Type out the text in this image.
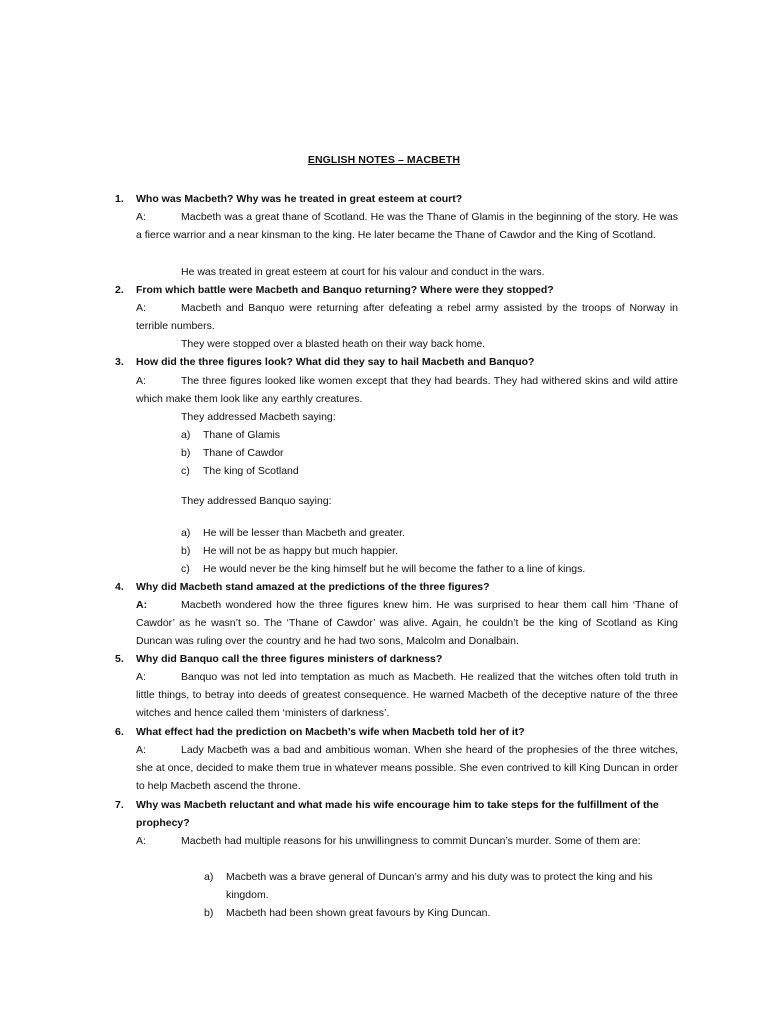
ENGLISH NOTES – MACBETH
1. Who was Macbeth? Why was he treated in great esteem at court?
A:	Macbeth was a great thane of Scotland. He was the Thane of Glamis in the beginning of the story. He was a fierce warrior and a near kinsman to the king. He later became the Thane of Cawdor and the King of Scotland.
He was treated in great esteem at court for his valour and conduct in the wars.
2. From which battle were Macbeth and Banquo returning? Where were they stopped?
A:	Macbeth and Banquo were returning after defeating a rebel army assisted by the troops of Norway in terrible numbers.
They were stopped over a blasted heath on their way back home.
3. How did the three figures look? What did they say to hail Macbeth and Banquo?
A:	The three figures looked like women except that they had beards. They had withered skins and wild attire which make them look like any earthly creatures.
They addressed Macbeth saying:
a) Thane of Glamis
b) Thane of Cawdor
c) The king of Scotland
They addressed Banquo saying:
a) He will be lesser than Macbeth and greater.
b) He will not be as happy but much happier.
c) He would never be the king himself but he will become the father to a line of kings.
4. Why did Macbeth stand amazed at the predictions of the three figures?
A:	Macbeth wondered how the three figures knew him. He was surprised to hear them call him ‘Thane of Cawdor’ as he wasn’t so. The ‘Thane of Cawdor’ was alive. Again, he couldn’t be the king of Scotland as King Duncan was ruling over the country and he had two sons, Malcolm and Donalbain.
5. Why did Banquo call the three figures ministers of darkness?
A:	Banquo was not led into temptation as much as Macbeth. He realized that the witches often told truth in little things, to betray into deeds of greatest consequence. He warned Macbeth of the deceptive nature of the three witches and hence called them ‘ministers of darkness’.
6. What effect had the prediction on Macbeth’s wife when Macbeth told her of it?
A:	Lady Macbeth was a bad and ambitious woman. When she heard of the prophesies of the three witches, she at once, decided to make them true in whatever means possible. She even contrived to kill King Duncan in order to help Macbeth ascend the throne.
7. Why was Macbeth reluctant and what made his wife encourage him to take steps for the fulfillment of the prophecy?
A:	Macbeth had multiple reasons for his unwillingness to commit Duncan’s murder. Some of them are:
a) Macbeth was a brave general of Duncan’s army and his duty was to protect the king and his kingdom.
b) Macbeth had been shown great favours by King Duncan.
